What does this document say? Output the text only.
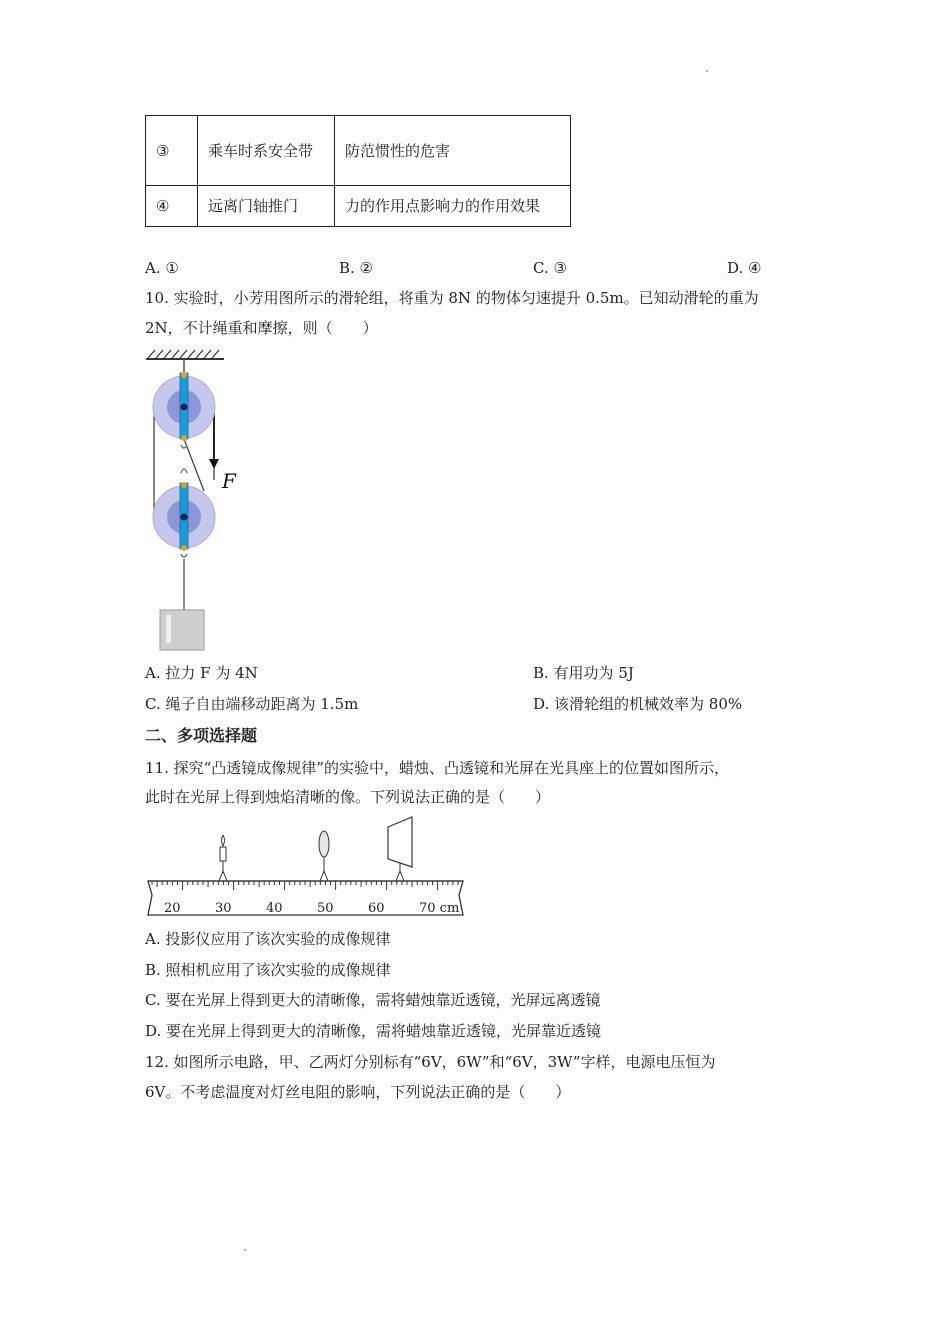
③	乘车时系安全带	防范惯性的危害
④	远离门轴推门	力的作用点影响力的作用效果
A. ①	B. ②	C. ③	D. ④
10. 实验时，小芳用图所示的滑轮组，将重为 8N 的物体匀速提升 0.5m。已知动滑轮的重为
2N，不计绳重和摩擦，则（　　）
F
A. 拉力 F 为 4N	B. 有用功为 5J
C. 绳子自由端移动距离为 1.5m	D. 该滑轮组的机械效率为 80%
二、多项选择题
11. 探究“凸透镜成像规律”的实验中，蜡烛、凸透镜和光屏在光具座上的位置如图所示，
此时在光屏上得到烛焰清晰的像。下列说法正确的是（　　）
20	30	40	50	60	70 cm
A. 投影仪应用了该次实验的成像规律
B. 照相机应用了该次实验的成像规律
C. 要在光屏上得到更大的清晰像，需将蜡烛靠近透镜，光屏远离透镜
D. 要在光屏上得到更大的清晰像，需将蜡烛靠近透镜，光屏靠近透镜
12. 如图所示电路，甲、乙两灯分别标有“6V，6W”和“6V，3W”字样，电源电压恒为
6V。不考虑温度对灯丝电阻的影响，下列说法正确的是（　　）
